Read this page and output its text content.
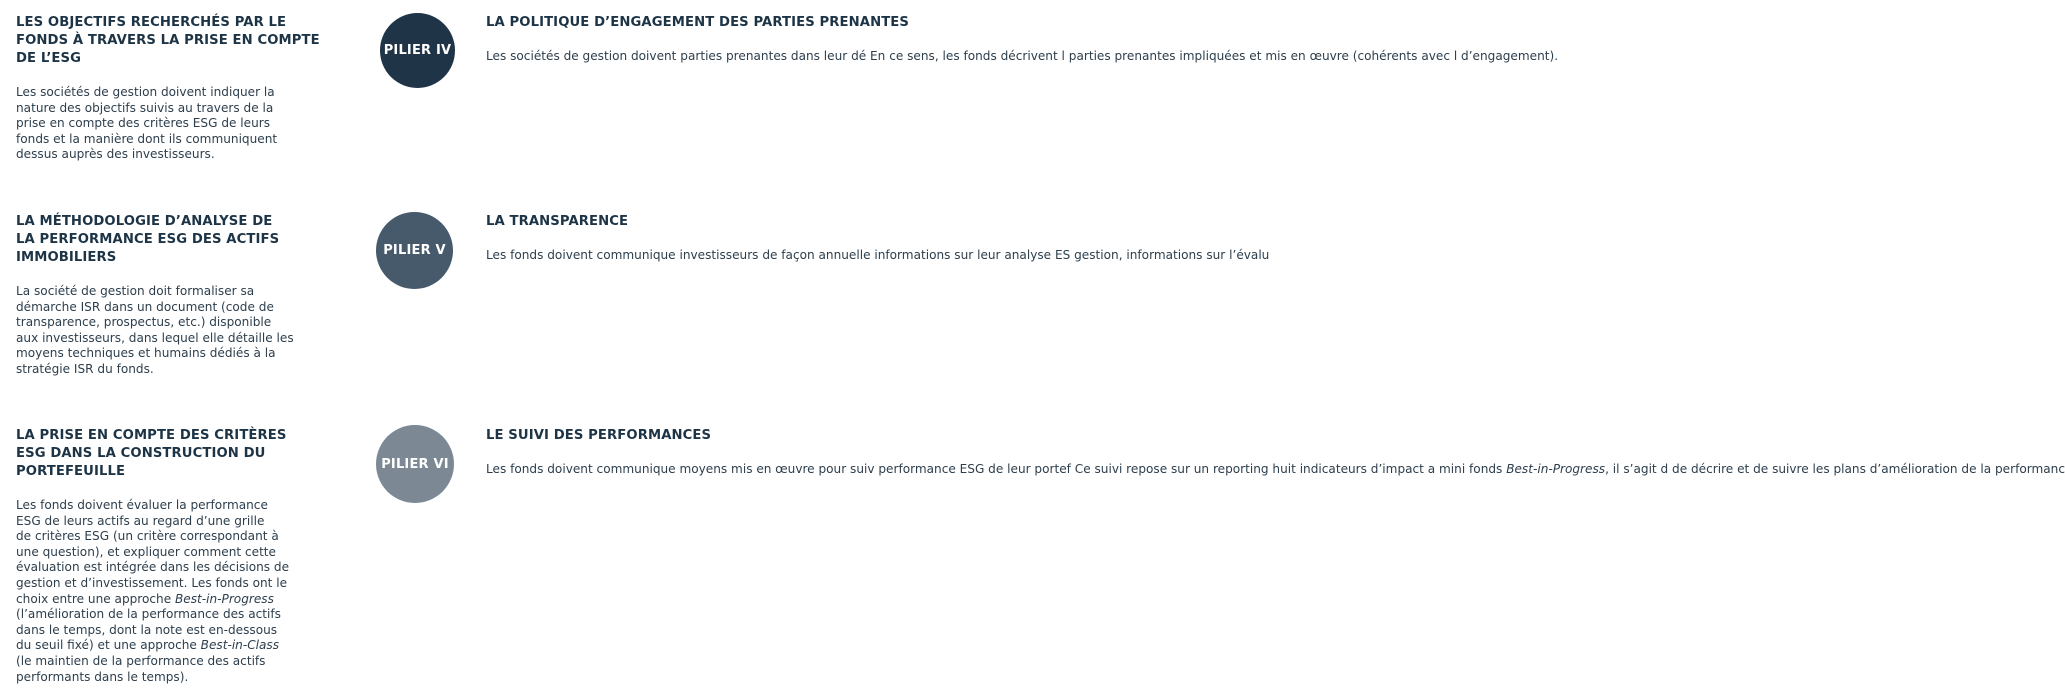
LES OBJECTIFS RECHERCHÉS PAR LE
FONDS À TRAVERS LA PRISE EN COMPTE
DE L’ESG

Les sociétés de gestion doivent indiquer la
nature des objectifs suivis au travers de la
prise en compte des critères ESG de leurs
fonds et la manière dont ils communiquent
dessus auprès des investisseurs.

PILIER IV

LA POLITIQUE D’ENGAGEMENT DES PARTIES PRENANTES

Les sociétés de gestion doivent parties prenantes dans leur dé En ce sens, les fonds décrivent l parties prenantes impliquées et mis en œuvre (cohérents avec l d’engagement).

LA MÉTHODOLOGIE D’ANALYSE DE
LA PERFORMANCE ESG DES ACTIFS
IMMOBILIERS

La société de gestion doit formaliser sa
démarche ISR dans un document (code de
transparence, prospectus, etc.) disponible
aux investisseurs, dans lequel elle détaille les
moyens techniques et humains dédiés à la
stratégie ISR du fonds.

PILIER V

LA TRANSPARENCE

Les fonds doivent communique investisseurs de façon annuelle informations sur leur analyse ES gestion, informations sur l’évalu

LA PRISE EN COMPTE DES CRITÈRES
ESG DANS LA CONSTRUCTION DU
PORTEFEUILLE

Les fonds doivent évaluer la performance
ESG de leurs actifs au regard d’une grille
de critères ESG (un critère correspondant à
une question), et expliquer comment cette
évaluation est intégrée dans les décisions de
gestion et d’investissement. Les fonds ont le
choix entre une approche Best-in-Progress
(l’amélioration de la performance des actifs
dans le temps, dont la note est en-dessous
du seuil fixé) et une approche Best-in-Class
(le maintien de la performance des actifs
performants dans le temps).

PILIER VI

LE SUIVI DES PERFORMANCES

Les fonds doivent communique moyens mis en œuvre pour suiv performance ESG de leur portef Ce suivi repose sur un reporting huit indicateurs d’impact a mini fonds Best-in-Progress, il s’agit d de décrire et de suivre les plans d’amélioration de la performanc
